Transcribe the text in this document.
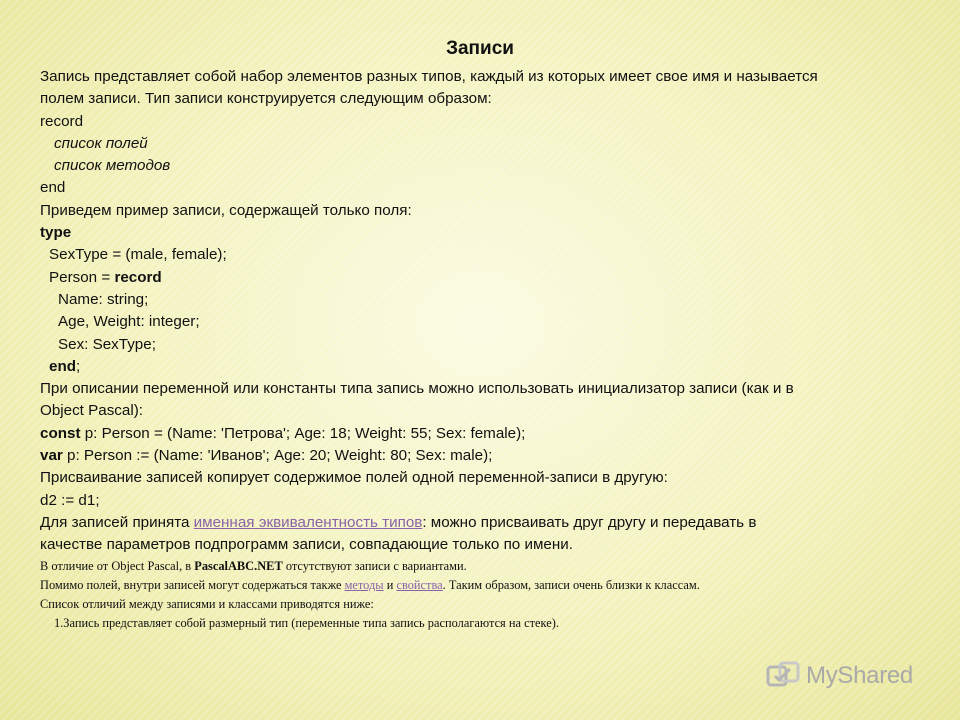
Записи
Запись представляет собой набор элементов разных типов, каждый из которых имеет свое имя и называется
полем записи. Тип записи конструируется следующим образом:
record
список полей
список методов
end
Приведем пример записи, содержащей только поля:
type
SexType = (male, female);
Person = record
Name: string;
Age, Weight: integer;
Sex: SexType;
end;
При описании переменной или константы типа запись можно использовать инициализатор записи (как и в
Object Pascal):
const p: Person = (Name: 'Петрова'; Age: 18; Weight: 55; Sex: female);
var p: Person := (Name: 'Иванов'; Age: 20; Weight: 80; Sex: male);
Присваивание записей копирует содержимое полей одной переменной-записи в другую:
d2 := d1;
Для записей принята именная эквивалентность типов: можно присваивать друг другу и передавать в
качестве параметров подпрограмм записи, совпадающие только по имени.
В отличие от Object Pascal, в PascalABC.NET отсутствуют записи с вариантами.
Помимо полей, внутри записей могут содержаться также методы и свойства. Таким образом, записи очень близки к классам.
Список отличий между записями и классами приводятся ниже:
1.Запись представляет собой размерный тип (переменные типа запись располагаются на стеке).
MyShared
